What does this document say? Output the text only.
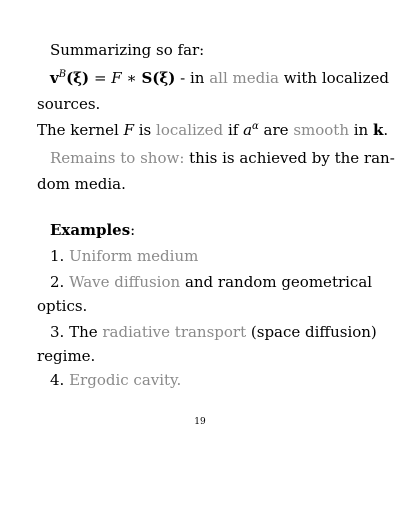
Summarizing so far:
$v^B(\xi) = F$ ∗ S(ξ) - in all media with localized
sources.
The kernel F is localized if $a^\alpha$ are smooth in k.
Remains to show: this is achieved by the ran-
dom media.
Examples:
1. Uniform medium
2. Wave diffusion and random geometrical
optics.
3. The radiative transport (space diffusion)
regime.
4. Ergodic cavity.
19
